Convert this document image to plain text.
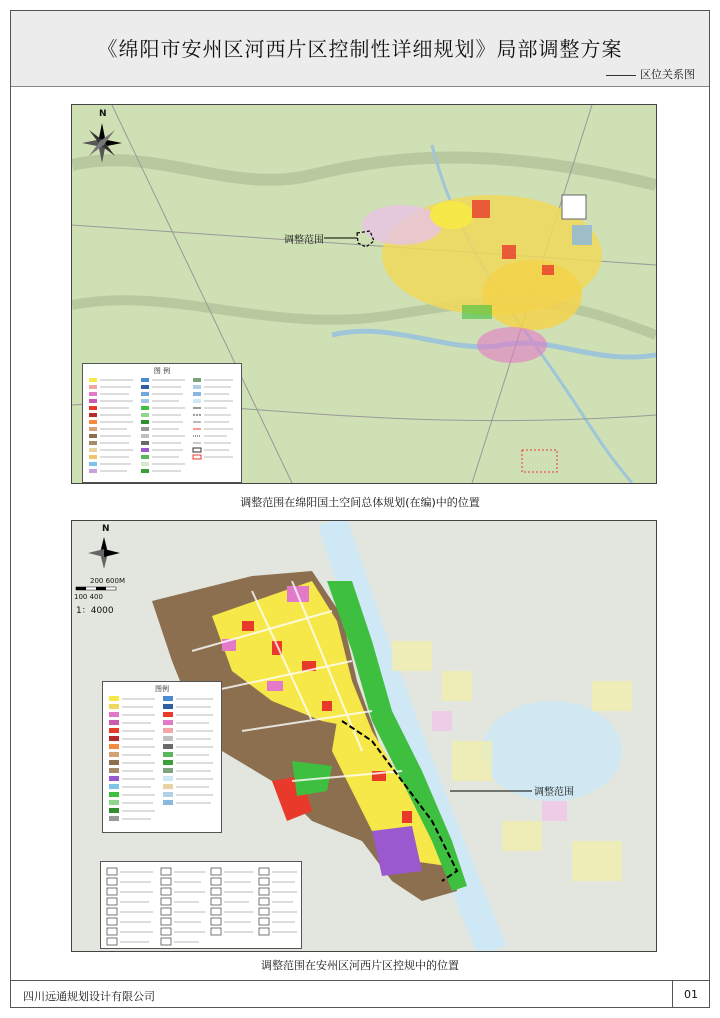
《绵阳市安州区河西片区控制性详细规划》局部调整方案
区位关系图
调整范围
N
图 例
调整范围在绵阳国土空间总体规划(在编)中的位置
调整范围
N
200 600M
100 400
1：4000
图例
调整范围在安州区河西片区控规中的位置
四川远通规划设计有限公司	01
